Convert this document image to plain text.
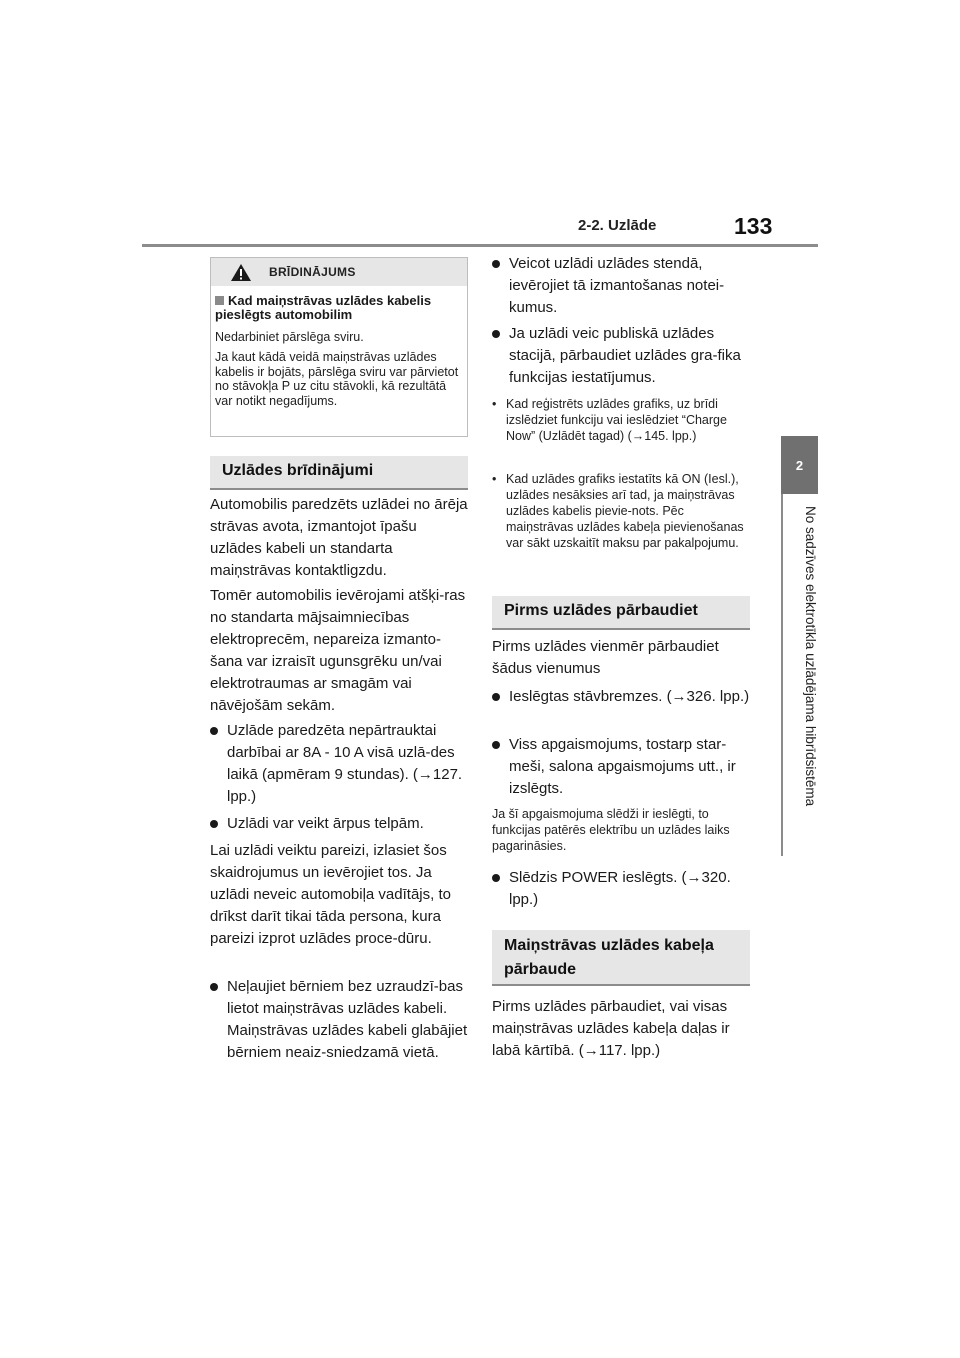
2-2. Uzlāde	133
2
No sadzīves elektrotīkla uzlādējama hibrīdsistēma
BRĪDINĀJUMS
Kad maiņstrāvas uzlādes kabelis pieslēgts automobilim
Nedarbiniet pārslēga sviru.
Ja kaut kādā veidā maiņstrāvas uzlādes kabelis ir bojāts, pārslēga sviru var pārvietot no stāvokļa P uz citu stāvokli, kā rezultātā var notikt negadījums.
Uzlādes brīdinājumi
Automobilis paredzēts uzlādei no ārēja strāvas avota, izmantojot īpašu uzlādes kabeli un standarta maiņstrāvas kontaktligzdu.
Tomēr automobilis ievērojami atšķi-ras no standarta mājsaimniecības elektroprecēm, nepareiza izmanto-šana var izraisīt ugunsgrēku un/vai elektrotraumas ar smagām vai nāvējošām sekām.
Uzlāde paredzēta nepārtrauktai darbībai ar 8A - 10 A visā uzlā-des laikā (apmēram 9 stundas). (→127. lpp.)
Uzlādi var veikt ārpus telpām.
Lai uzlādi veiktu pareizi, izlasiet šos skaidrojumus un ievērojiet tos. Ja uzlādi neveic automobiļa vadītājs, to drīkst darīt tikai tāda persona, kura pareizi izprot uzlādes proce-dūru.
Neļaujiet bērniem bez uzraudzī-bas lietot maiņstrāvas uzlādes kabeli. Maiņstrāvas uzlādes kabeli glabājiet bērniem neaiz-sniedzamā vietā.
Veicot uzlādi uzlādes stendā, ievērojiet tā izmantošanas notei-kumus.
Ja uzlādi veic publiskā uzlādes stacijā, pārbaudiet uzlādes gra-fika funkcijas iestatījumus.
• Kad reģistrēts uzlādes grafiks, uz brīdi izslēdziet funkciju vai ieslēdziet “Charge Now” (Uzlādēt tagad) (→145. lpp.)
• Kad uzlādes grafiks iestatīts kā ON (Iesl.), uzlādes nesāksies arī tad, ja maiņstrāvas uzlādes kabelis pievie-nots. Pēc maiņstrāvas uzlādes kabeļa pievienošanas var sākt uzskaitīt maksu par pakalpojumu.
Pirms uzlādes pārbaudiet
Pirms uzlādes vienmēr pārbaudiet šādus vienumus
Ieslēgtas stāvbremzes. (→326. lpp.)
Viss apgaismojums, tostarp star-meši, salona apgaismojums utt., ir izslēgts.
Ja šī apgaismojuma slēdži ir ieslēgti, to funkcijas patērēs elektrību un uzlādes laiks pagarināsies.
Slēdzis POWER ieslēgts. (→320. lpp.)
Maiņstrāvas uzlādes kabeļa pārbaude
Pirms uzlādes pārbaudiet, vai visas maiņstrāvas uzlādes kabeļa daļas ir labā kārtībā. (→117. lpp.)
